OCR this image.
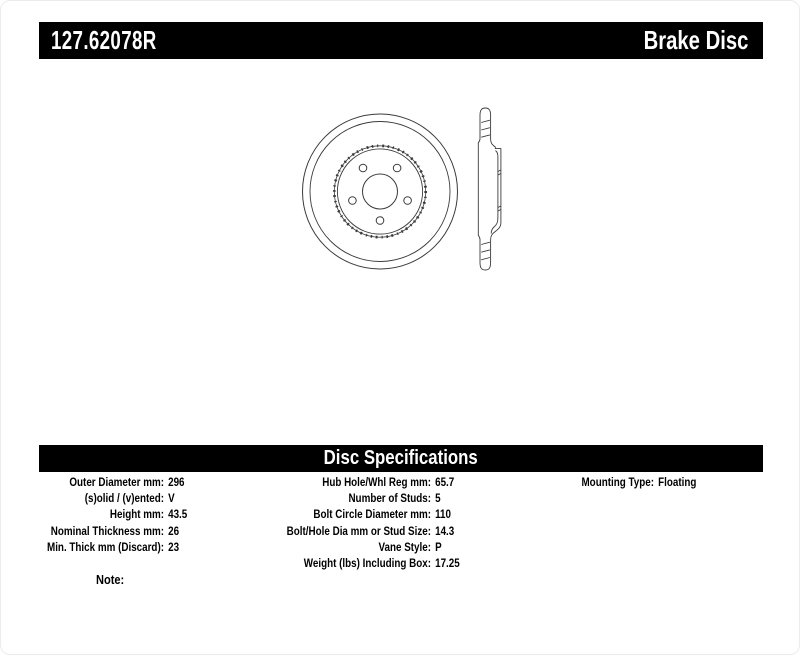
127.62078R	Brake Disc
Disc Specifications
Outer Diameter mm: 296
(s)olid / (v)ented: V
Height mm: 43.5
Nominal Thickness mm: 26
Min. Thick mm (Discard): 23
Hub Hole/Whl Reg mm: 65.7
Number of Studs: 5
Bolt Circle Diameter mm: 110
Bolt/Hole Dia mm or Stud Size: 14.3
Vane Style: P
Weight (lbs) Including Box: 17.25
Mounting Type: Floating
Note:
